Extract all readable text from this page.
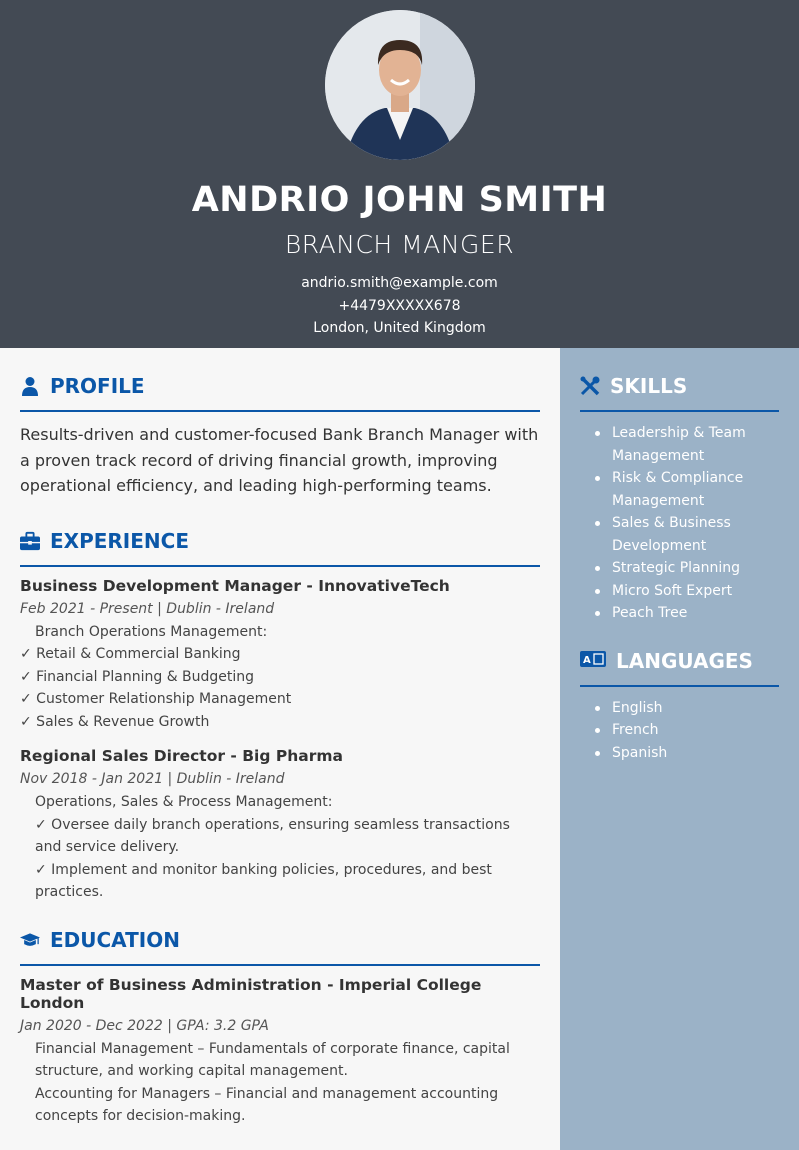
ANDRIO JOHN SMITH
BRANCH MANGER
andrio.smith@example.com
+4479XXXXX678
London, United Kingdom
PROFILE

Results-driven and customer-focused Bank Branch Manager with a proven track record of driving financial growth, improving operational efficiency, and leading high-performing teams.

EXPERIENCE
Business Development Manager - InnovativeTech
Feb 2021 - Present | Dublin - Ireland
Branch Operations Management:
✓ Retail & Commercial Banking
✓ Financial Planning & Budgeting
✓ Customer Relationship Management
✓ Sales & Revenue Growth
Regional Sales Director - Big Pharma
Nov 2018 - Jan 2021 | Dublin - Ireland
Operations, Sales & Process Management:
✓ Oversee daily branch operations, ensuring seamless transactions and service delivery.
✓ Implement and monitor banking policies, procedures, and best practices.
EDUCATION
Master of Business Administration - Imperial College London
Jan 2020 - Dec 2022 | GPA: 3.2 GPA
Financial Management – Fundamentals of corporate finance, capital structure, and working capital management.
Accounting for Managers – Financial and management accounting concepts for decision-making.
SKILLS
Leadership & Team Management
Risk & Compliance Management
Sales & Business Development
Strategic Planning
Micro Soft Expert
Peach Tree
A LANGUAGES
English
French
Spanish
